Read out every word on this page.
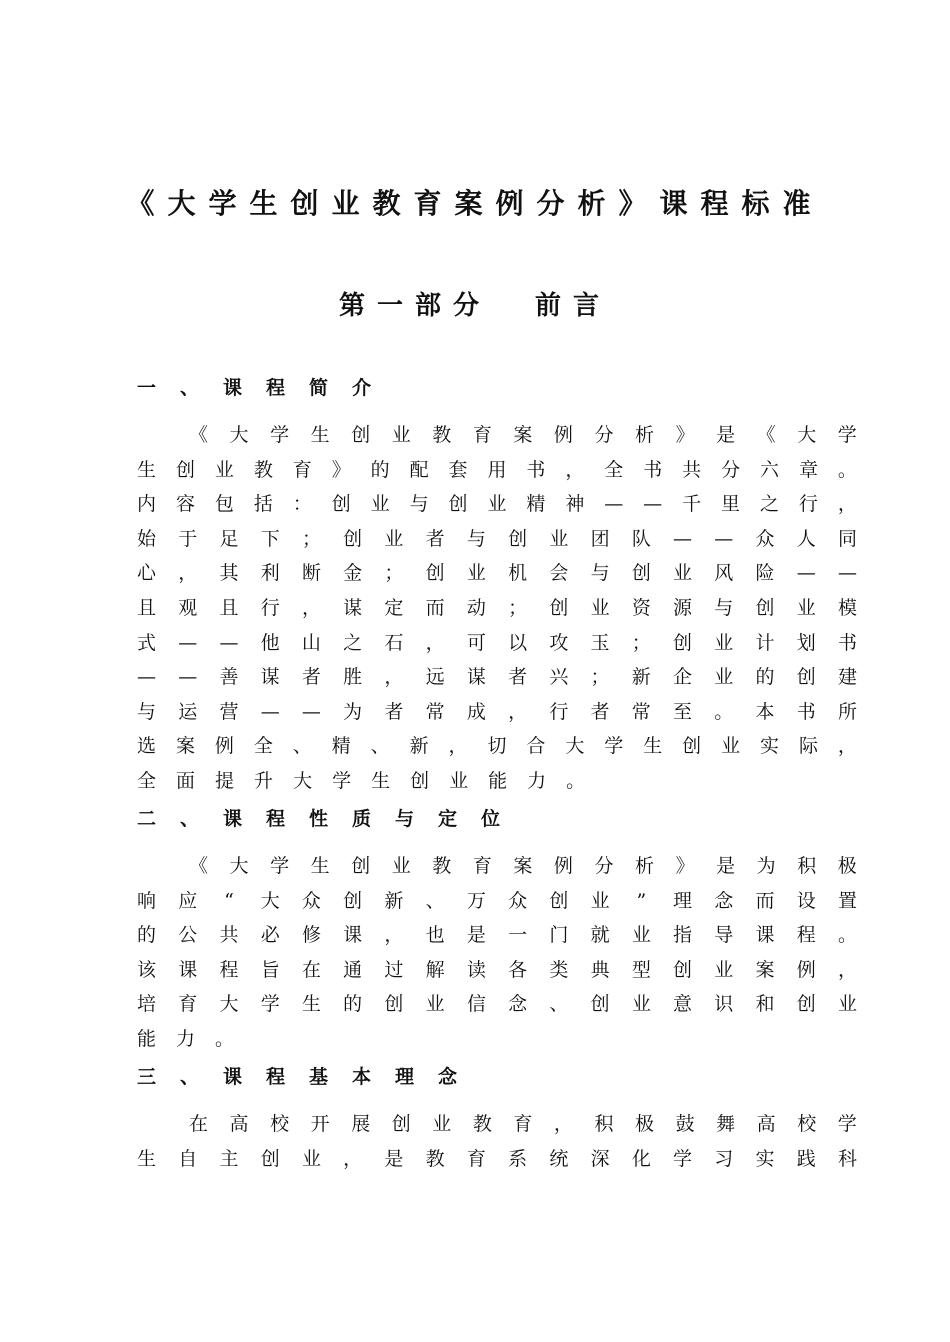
《大学生创业教育案例分析》课程标准
第一部分 前言
一、课程简介
《 大 学 生 创 业 教 育 案 例 分 析 》 是 《 大 学
生 创 业 教 育 》 的 配 套 用 书 ， 全 书 共 分 六 章 。
内 容 包 括 ： 创 业 与 创 业 精 神 — — 千 里 之 行 ，
始 于 足 下 ； 创 业 者 与 创 业 团 队 — — 众 人 同
心 ， 其 利 断 金 ； 创 业 机 会 与 创 业 风 险 — —
且 观 且 行 ， 谋 定 而 动 ； 创 业 资 源 与 创 业 模
式 — — 他 山 之 石 ， 可 以 攻 玉 ； 创 业 计 划 书
— — 善 谋 者 胜 ， 远 谋 者 兴 ； 新 企 业 的 创 建
与 运 营 — — 为 者 常 成 ， 行 者 常 至 。 本 书 所
选 案 例 全 、 精 、 新 ， 切 合 大 学 生 创 业 实 际 ，
全 面 提 升 大 学 生 创 业 能 力 。
二、课程性质与定位
《 大 学 生 创 业 教 育 案 例 分 析 》 是 为 积 极
响 应 “ 大 众 创 新 、 万 众 创 业 ” 理 念 而 设 置
的 公 共 必 修 课 ， 也 是 一 门 就 业 指 导 课 程 。
该 课 程 旨 在 通 过 解 读 各 类 典 型 创 业 案 例 ，
培 育 大 学 生 的 创 业 信 念 、 创 业 意 识 和 创 业
能 力 。
三、课程基本理念
在 高 校 开 展 创 业 教 育 ， 积 极 鼓 舞 高 校 学
生 自 主 创 业 ， 是 教 育 系 统 深 化 学 习 实 践 科
